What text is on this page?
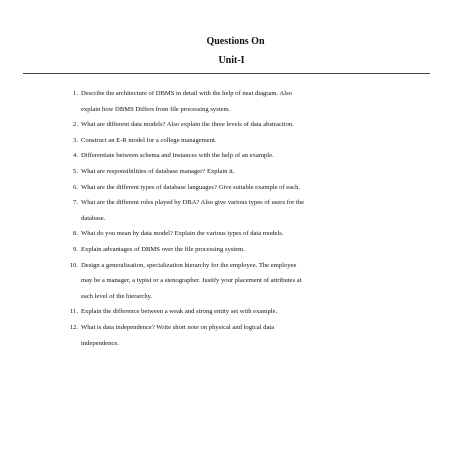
Questions On
Unit-I
1. Describe the architecture of DBMS in detail with the help of neat diagram. Also
explain how DBMS Differs from file processing system.
2. What are different data models? Also explain the three levels of data abstraction.
3. Construct an E-R model for a college management.
4. Differentiate between schema and Instances with the help of an example.
5. What are responsibilities of database manager? Explain it.
6. What are the different types of database languages? Give suitable example of each.
7. What are the different roles played by DBA? Also give various types of users for the
database.
8. What do you mean by data model? Explain the various types of data models.
9. Explain advantages of DBMS over the file processing system.
10. Design a generalization, specialization hierarchy for the employee. The employee
may be a manager, a typist or a stenographer. Justify your placement of attributes at
each level of the hierarchy.
11. Explain the difference between a weak and strong entity set with example.
12. What is data independence? Write short note on physical and logical data
independence.
